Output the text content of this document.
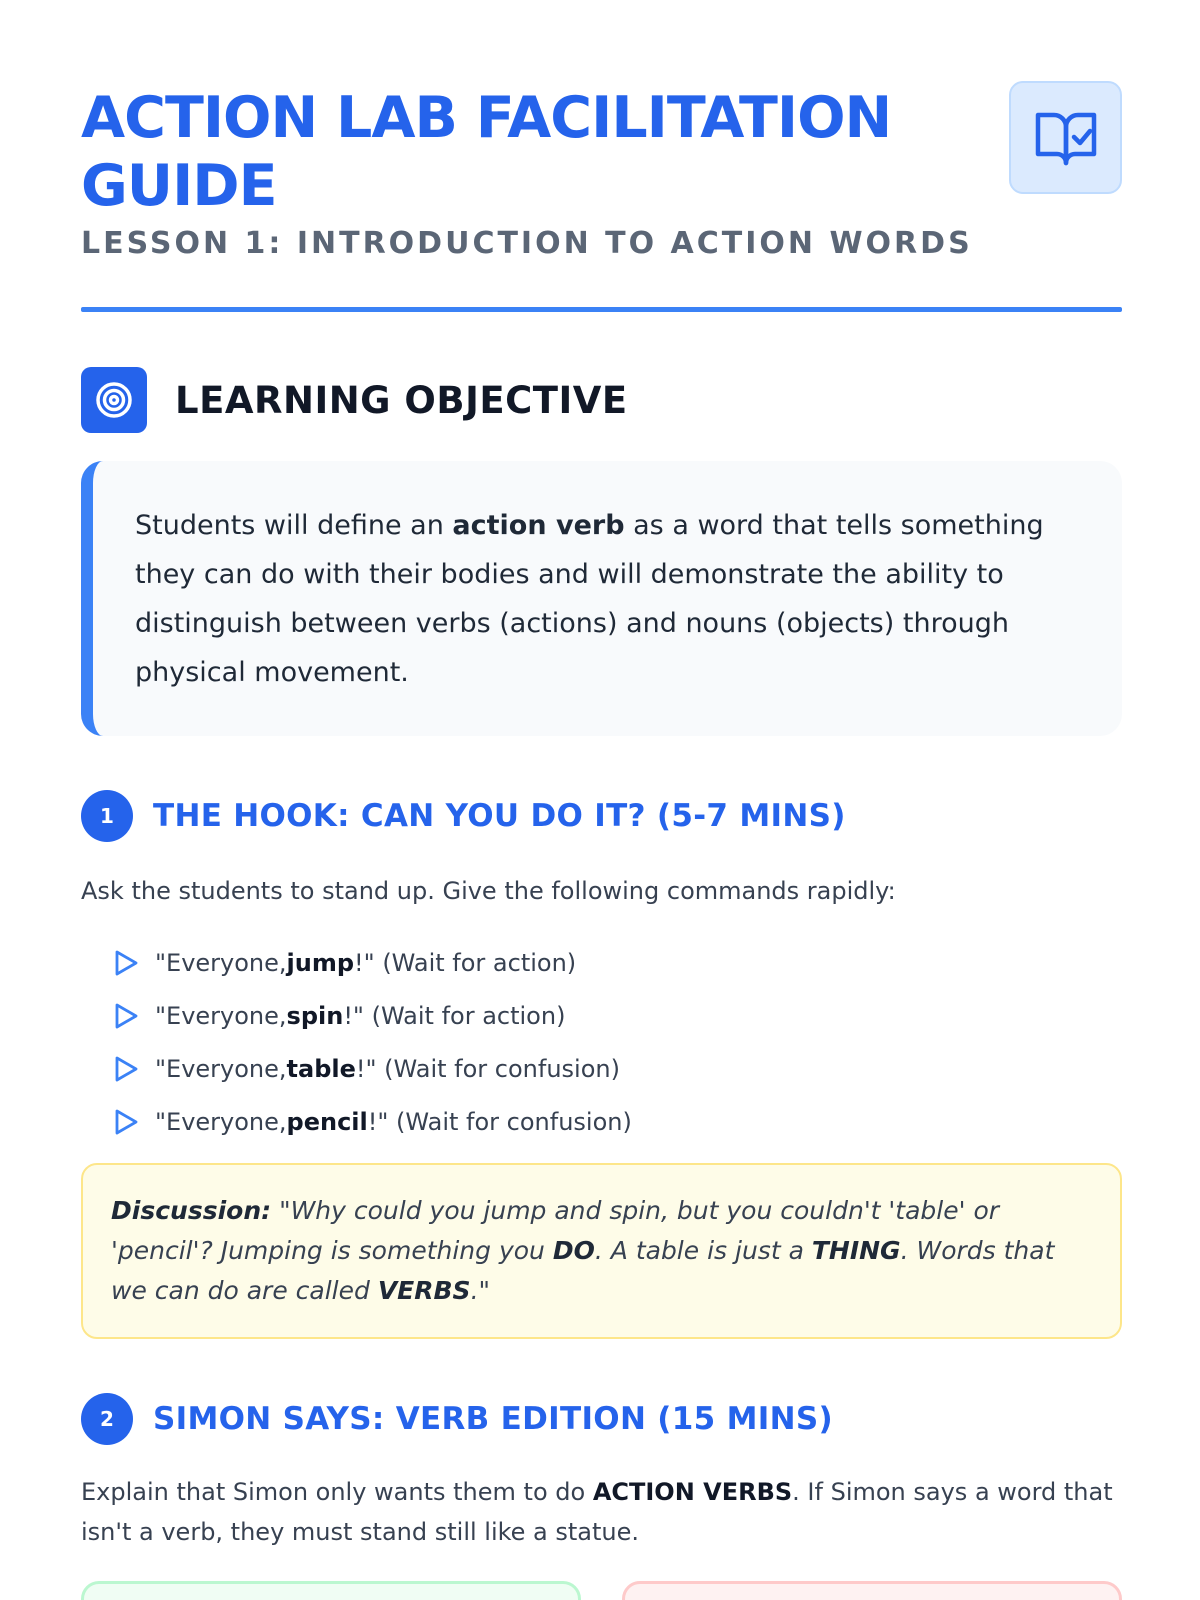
ACTION LAB FACILITATION GUIDE
LESSON 1: INTRODUCTION TO ACTION WORDS
LEARNING OBJECTIVE

Students will define an action verb as a word that tells something they can do with their bodies and will demonstrate the ability to distinguish between verbs (actions) and nouns (objects) through physical movement.

1	THE HOOK: CAN YOU DO IT? (5-7 MINS)

Ask the students to stand up. Give the following commands rapidly:

"Everyone,jump!" (Wait for action)
"Everyone,spin!" (Wait for action)
"Everyone,table!" (Wait for confusion)
"Everyone,pencil!" (Wait for confusion)

Discussion: "Why could you jump and spin, but you couldn't 'table' or 'pencil'? Jumping is something you DO. A table is just a THING. Words that we can do are called VERBS."

2	SIMON SAYS: VERB EDITION (15 MINS)

Explain that Simon only wants them to do ACTION VERBS. If Simon says a word that isn't a verb, they must stand still like a statue.
